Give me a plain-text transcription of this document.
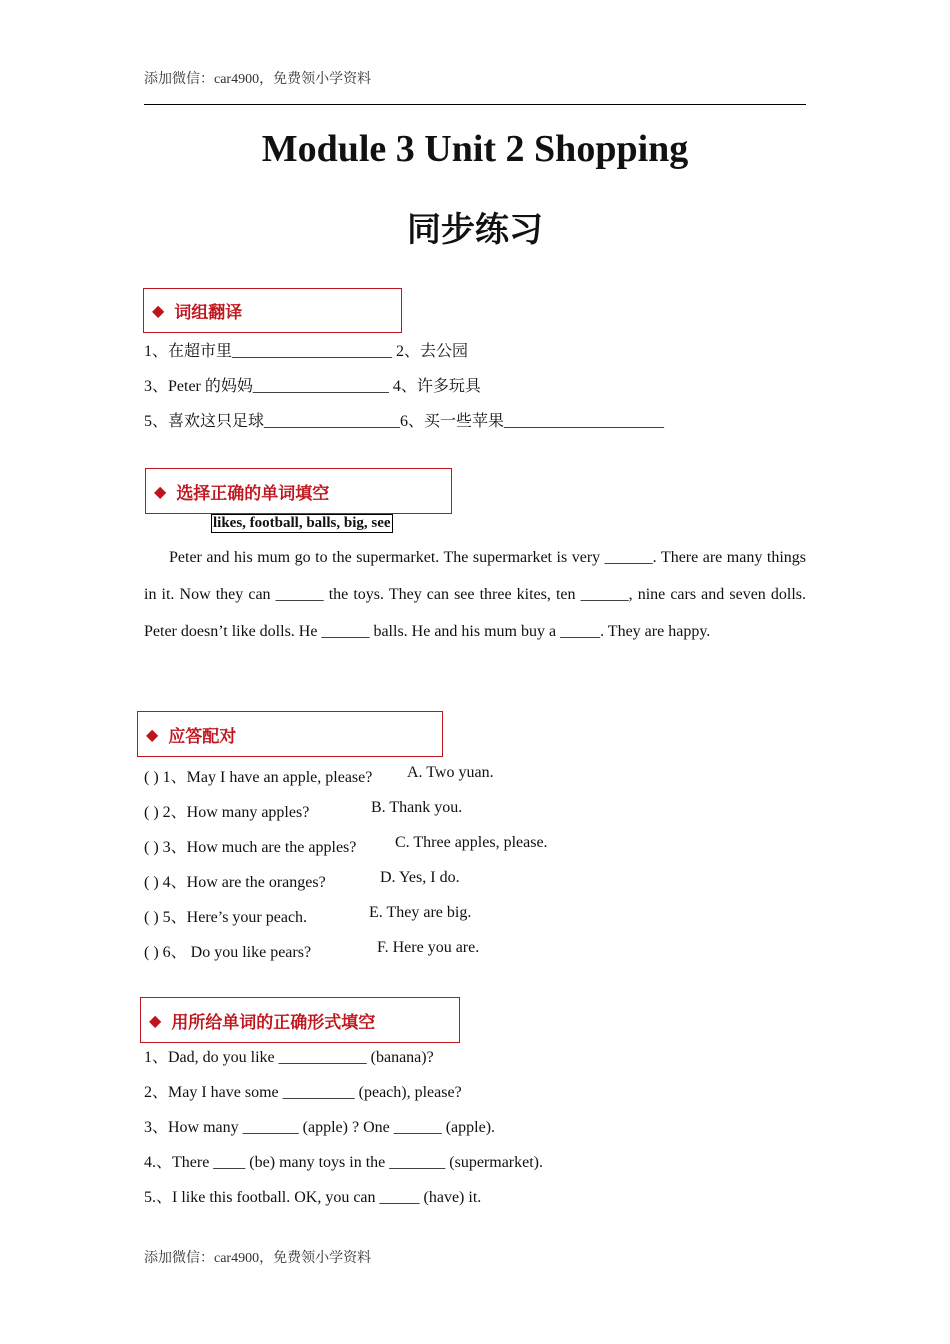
添加微信：car4900，免费领小学资料
Module 3 Unit 2 Shopping
同步练习
◆ 词组翻译
1、在超市里____________________ 2、去公园
3、Peter 的妈妈_________________ 4、许多玩具
5、喜欢这只足球_________________6、买一些苹果____________________
◆ 选择正确的单词填空
likes, football, balls, big, see
Peter and his mum go to the supermarket. The supermarket is very ______. There are many things in it. Now they can ______ the toys. They can see three kites, ten ______, nine cars and seven dolls. Peter doesn’t like dolls. He ______ balls. He and his mum buy a _____. They are happy.
◆ 应答配对
( ) 1、May I have an apple, please? A. Two yuan.
( ) 2、How many apples?	B. Thank you.
( ) 3、How much are the apples? C. Three apples, please.
( ) 4、How are the oranges?	D. Yes, I do.
( ) 5、Here’s your peach.	E. They are big.
( ) 6、 Do you like pears?	F. Here you are.
◆ 用所给单词的正确形式填空
1、Dad, do you like ___________ (banana)?
2、May I have some _________ (peach), please?
3、How many _______ (apple) ? One ______ (apple).
4.、There ____ (be) many toys in the _______ (supermarket).
5.、I like this football. OK, you can _____ (have) it.
添加微信：car4900，免费领小学资料
